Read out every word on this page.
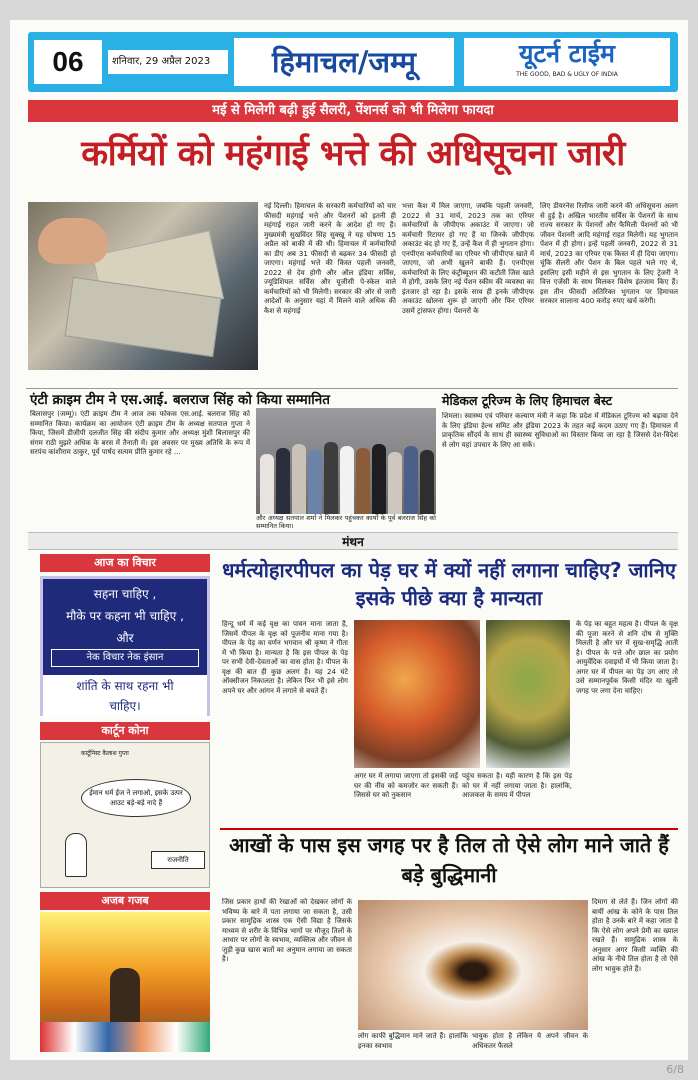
06	शनिवार, 29 अप्रैल 2023	हिमाचल/जम्मू	यूटर्न टाईम
THE GOOD, BAD & UGLY OF INDIA
मई से मिलेगी बढ़ी हुई सैलरी, पेंशनर्स को भी मिलेगा फायदा
कर्मियों को महंगाई भत्ते की अधिसूचना जारी
नई दिल्ली। हिमाचल के सरकारी कर्मचारियों को चार फीसदी महंगाई भत्ते और पेंशनरों को इतनी ही महंगाई राहत जारी करने के आदेश हो गए हैं। मुख्यमंत्री सुखविंदर सिंह सुक्खू ने यह घोषणा 15 अप्रैल को बाकी में की थी। हिमाचल में कर्मचारियों का डीए अब 31 फीसदी से बढ़कर 34 फीसदी हो जाएगा। महंगाई भत्ते की किस्त पहली जनवरी, 2022 से देय होगी और ऑल इंडिया सर्विस, ज्यूडिशियल सर्विस और यूजीसी पे-स्केल वाले कर्मचारियों को भी मिलेगी। सरकार की ओर से जारी आदेशों के अनुसार यहां में मिलने वाले अधिक की कैश से महंगाई
भत्ता कैश में मिल जाएगा, जबकि पहली जनवरी, 2022 से 31 मार्च, 2023 तक का एरियर कर्मचारियों के जीपीएफ अकाउंट में जाएगा। जो कर्मचारी रिटायर हो गए हैं या जिनके जीपीएफ अकाउंट बंद हो गए हैं, उन्हें कैश में ही भुगतान होगा। एनपीएस कर्मचारियों का एरियर भी जीपीएफ खाते में जाएगा, जो अभी खुलने बाकी हैं। एनपीएस कर्मचारियों के लिए कंट्रीब्यूशन की कटौती जिस खाते में होगी, उसके लिए नई पेंशन स्कीम की व्यवस्था का इंतजार हो रहा है। इसके साथ ही इनके जीपीएफ अकाउंट खोलना शुरू हो जाएगी और फिर एरियर उसमें ट्रांसफर होगा। पेंशनरों के
लिए डीयरनेस रिलीफ जारी करने की अधिसूचना अलग से हुई है। अखिल भारतीय सर्विस के पेंशनरों के साथ राज्य सरकार के पेंशनरों और फैमिली पेंशनरों को भी जीवन पेंशनरी आदि महंगाई राहत मिलेगी। यह भुगतान पेंशन में ही होगा। इन्हें पहली जनवरी, 2022 से 31 मार्च, 2023 का एरियर एक किस्त में ही दिया जाएगा। चूंकि सैलरी और पेंशन के बिल पहले भले गए थे, इसलिए इसी महीने से इस भुगतान के लिए ट्रेजरी ने वित्त एजेंसी के साथ मिलकर विशेष इंतजाम किए हैं। इस तीन फीसदी अतिरिक्त भुगतान पर हिमाचल सरकार सालाना 400 करोड़ रुपए खर्च करेगी।
एंटी क्राइम टीम ने एस.आई. बलराज सिंह को किया सम्मानित
बिलासपुर (जम्मू)। एंटी क्राइम टीम ने आज तक फोकस एस.आई. बलराज सिंह को सम्मानित किया। कार्यक्रम का आयोजन एंटी क्राइम टीम के अध्यक्ष सतपाल गुप्ता ने किया, जिसमें डीजीपी दलजीत सिंह की संदीप कुमार और अध्यक्ष मुंशी बिलासपुर की संगम राठी मुझरे अधिक के बरस में तैनाती में। इस अवसर पर मुख्य अतिथि के रूप में सरपंच कांशीराम ठाकुर, पूर्व पार्षद सत्यम प्रीति कुमार रहे ...
और अध्यक्ष सतपाल शर्मा ने मिलकर पहुंचकर कार्यों के पूर्व बलराज सिंह को सम्मानित किया।
मेडिकल टूरिज्म के लिए हिमाचल बेस्ट
शिमला। स्वास्थ्य एवं परिवार कल्याण मंत्री ने कहा कि प्रदेश में मेडिकल टूरिज्म को बढ़ावा देने के लिए इंडिया हेल्थ समिट और इंडिया 2023 के तहत कई कदम उठाए गए हैं। हिमाचल में प्राकृतिक सौंदर्य के साथ ही स्वास्थ्य सुविधाओं का विस्तार किया जा रहा है जिससे देश-विदेश से लोग यहां उपचार के लिए आ सकें।
मंथन
आज का विचार
सहना चाहिए ,
मौके पर कहना भी चाहिए ,
और
नेक विचार नेक इंसान
शांति के साथ रहना भी
चाहिए।
कार्टून कोना
कार्टूनिस्ट कैलाश गुप्ता
ईमान धर्म ईज ने लगाओ, इसके उत्पर आउट बड़े-बड़े नादे हैं
राजनीति
अजब गजब
धर्मत्योहारपीपल का पेड़ घर में क्यों नहीं लगाना चाहिए? जानिए इसके पीछे क्या है मान्यता
हिन्दू धर्म में कई वृक्ष का पावन माना जाता है, जिसमें पीपल के वृक्ष को पूजनीय माना गया है। पीपल के पेड़ का वर्णन भगवान श्री कृष्ण ने गीता में भी किया है। मान्यता है कि इस पीपल के पेड़ पर सभी देवी-देवताओं का वास होता है। पीपल के वृक्ष की बात ही कुछ अलग है। यह 24 घंटे ऑक्सीजन निकालता है। लेकिन फिर भी इसे लोग अपने घर और आंगन में लगाने से बचते हैं।
अगर घर में लगाया जाएगा तो इसकी जड़ें घर की नींव को कमजोर कर सकती हैं। जिससे घर को नुकसान
पहुंच सकता है। यही कारण है कि इस पेड़ को घर में नहीं लगाया जाता है। हालांकि, आजकल के समय में पीपल
के पेड़ का बहुत महत्व है। पीपल के वृक्ष की पूजा करने से शनि दोष से मुक्ति मिलती है और घर में सुख-समृद्धि आती है। पीपल के पत्ते और छाल का प्रयोग आयुर्वेदिक दवाइयों में भी किया जाता है। अगर घर में पीपल का पेड़ उग आए तो उसे सम्मानपूर्वक किसी मंदिर या खुली जगह पर लगा देना चाहिए।
आखों के पास इस जगह पर है तिल तो ऐसे लोग माने जाते हैं बड़े बुद्धिमानी
जिस प्रकार हाथों की रेखाओं को देखकर लोगों के भविष्य के बारे में पता लगाया जा सकता है, उसी प्रकार सामुद्रिक शास्त्र एक ऐसी विद्या है जिसके माध्यम से शरीर के विभिन्न भागों पर मौजूद तिलों के आधार पर लोगों के स्वभाव, व्यक्तित्व और जीवन से जुड़ी कुछ खास बातों का अनुमान लगाया जा सकता है।
लोग काफी बुद्धिमान माने जाते हैं। हालांकि इनका स्वभाव
भावुक होता है लेकिन ये अपने जीवन के अधिकतर फैसले
दिमाग से लेते हैं। जिन लोगों की बायीं आंख के कोने के पास तिल होता है उनके बारे में कहा जाता है कि ऐसे लोग अपने प्रेमी का ख्याल रखते हैं। सामुद्रिक शास्त्र के अनुसार अगर किसी व्यक्ति की आंख के नीचे तिल होता है तो ऐसे लोग भावुक होते हैं।
6/8
